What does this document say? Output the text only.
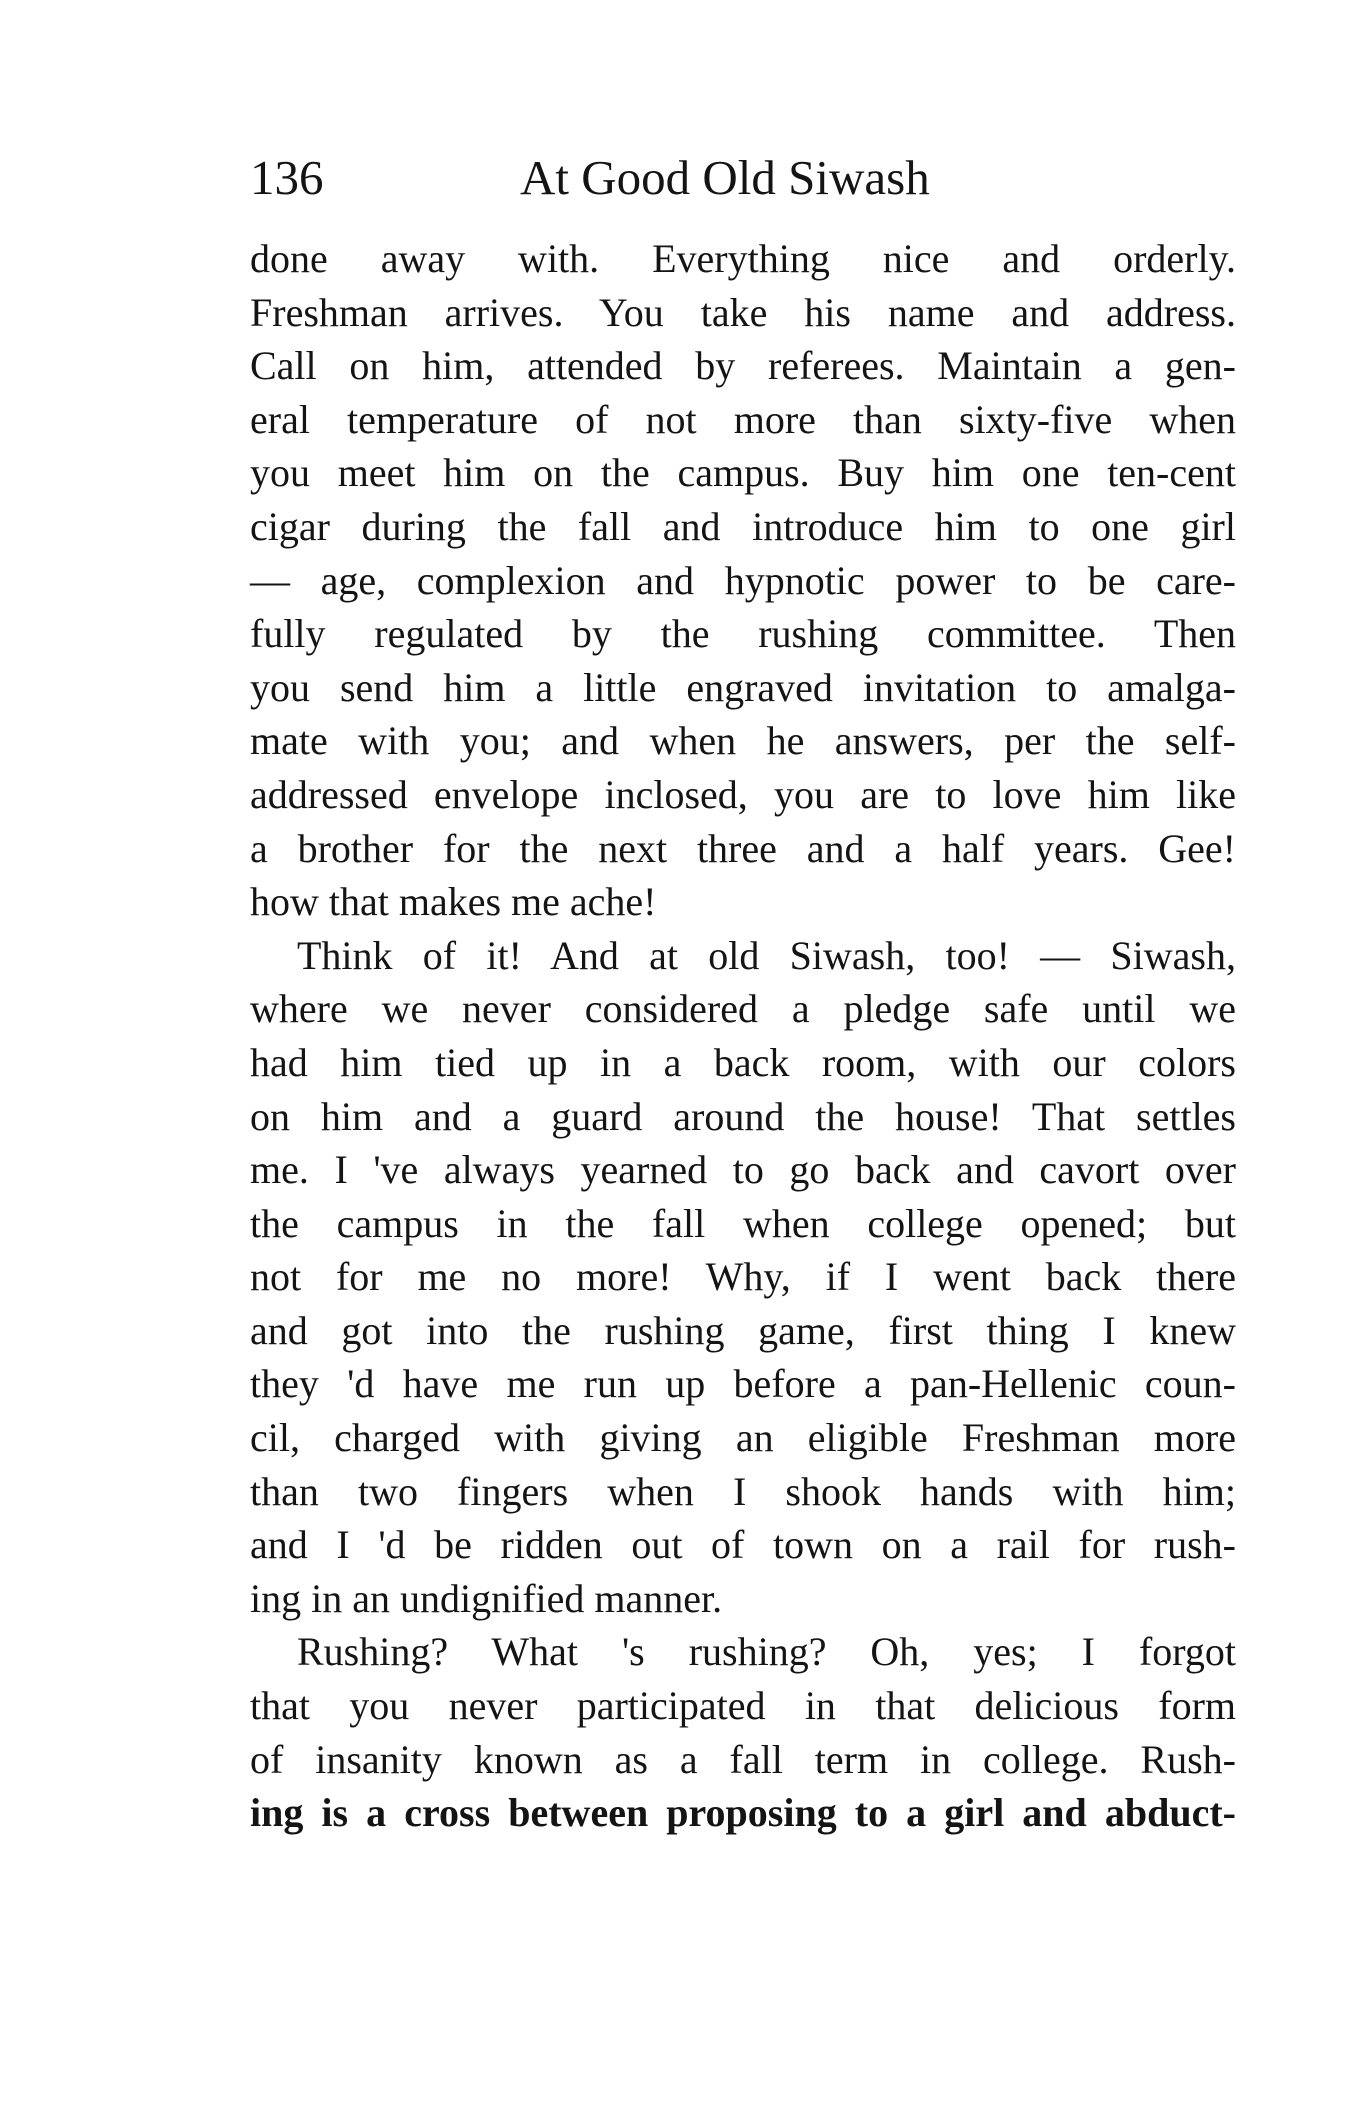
136	At Good Old Siwash
done away with. Everything nice and orderly.
Freshman arrives. You take his name and address.
Call on him, attended by referees. Maintain a gen-
eral temperature of not more than sixty-five when
you meet him on the campus. Buy him one ten-cent
cigar during the fall and introduce him to one girl
— age, complexion and hypnotic power to be care-
fully regulated by the rushing committee. Then
you send him a little engraved invitation to amalga-
mate with you; and when he answers, per the self-
addressed envelope inclosed, you are to love him like
a brother for the next three and a half years. Gee!
how that makes me ache!
Think of it! And at old Siwash, too! — Siwash,
where we never considered a pledge safe until we
had him tied up in a back room, with our colors
on him and a guard around the house! That settles
me. I 've always yearned to go back and cavort over
the campus in the fall when college opened; but
not for me no more! Why, if I went back there
and got into the rushing game, first thing I knew
they 'd have me run up before a pan-Hellenic coun-
cil, charged with giving an eligible Freshman more
than two fingers when I shook hands with him;
and I 'd be ridden out of town on a rail for rush-
ing in an undignified manner.
Rushing? What 's rushing? Oh, yes; I forgot
that you never participated in that delicious form
of insanity known as a fall term in college. Rush-
ing is a cross between proposing to a girl and abduct-
